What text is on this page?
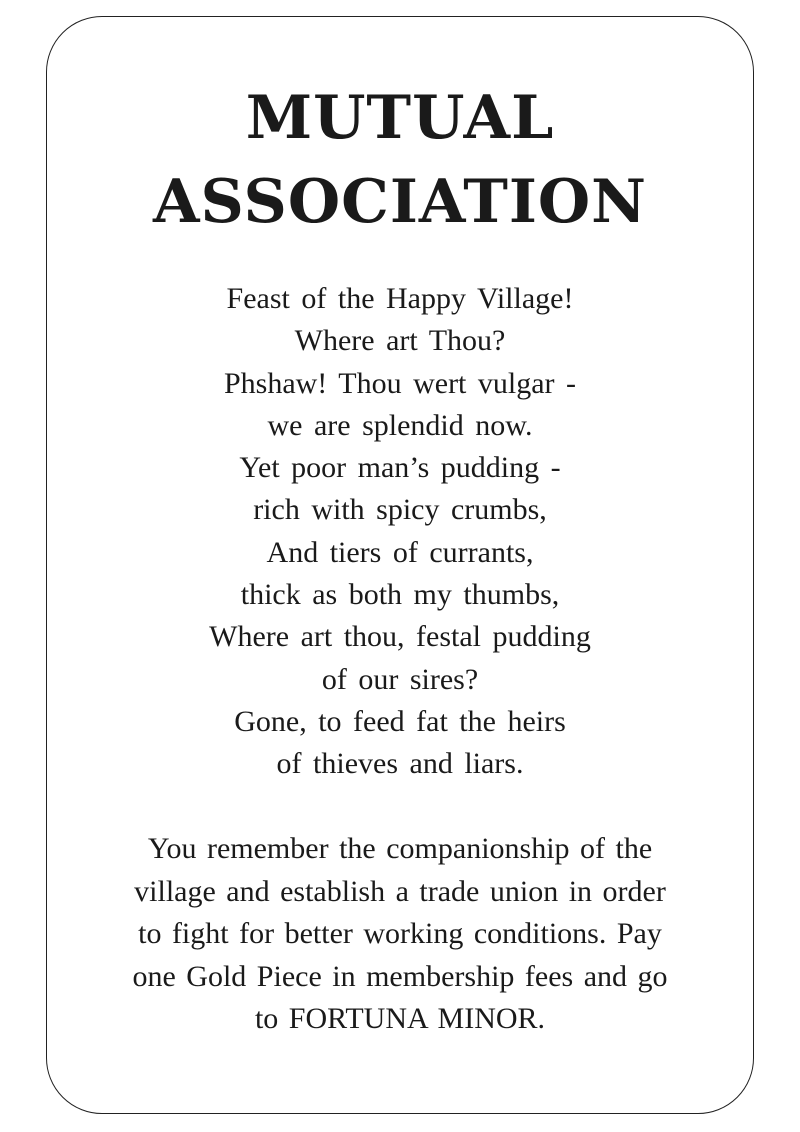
MUTUAL
ASSOCIATION
Feast of the Happy Village!
Where art Thou?
Phshaw! Thou wert vulgar -
we are splendid now.
Yet poor man’s pudding -
rich with spicy crumbs,
And tiers of currants,
thick as both my thumbs,
Where art thou, festal pudding
of our sires?
Gone, to feed fat the heirs
of thieves and liars.
You remember the companionship of the
village and establish a trade union in order
to fight for better working conditions. Pay
one Gold Piece in membership fees and go
to FORTUNA MINOR.
